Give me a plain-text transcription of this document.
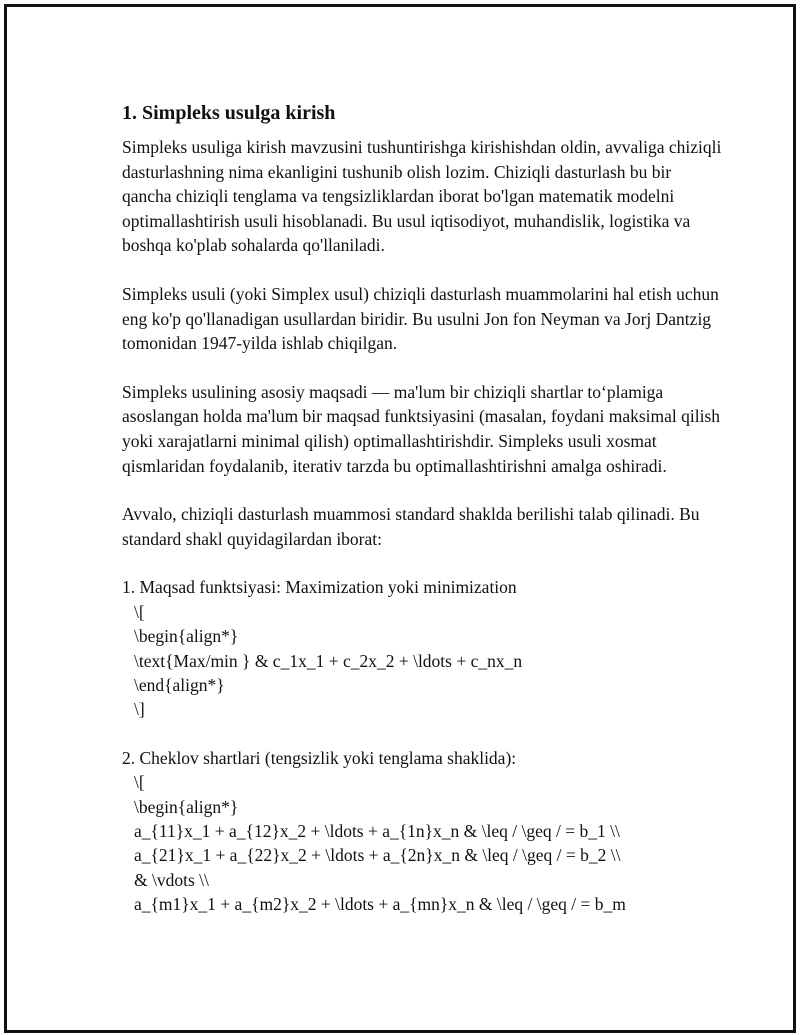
1. Simpleks usulga kirish

Simpleks usuliga kirish mavzusini tushuntirishga kirishishdan oldin, avvaliga chiziqli dasturlashning nima ekanligini tushunib olish lozim. Chiziqli dasturlash bu bir qancha chiziqli tenglama va tengsizliklardan iborat bo'lgan matematik modelni optimallashtirish usuli hisoblanadi. Bu usul iqtisodiyot, muhandislik, logistika va boshqa ko'plab sohalarda qo'llaniladi.

Simpleks usuli (yoki Simplex usul) chiziqli dasturlash muammolarini hal etish uchun eng ko'p qo'llanadigan usullardan biridir. Bu usulni Jon fon Neyman va Jorj Dantzig tomonidan 1947-yilda ishlab chiqilgan.

Simpleks usulining asosiy maqsadi — ma'lum bir chiziqli shartlar to‘plamiga asoslangan holda ma'lum bir maqsad funktsiyasini (masalan, foydani maksimal qilish yoki xarajatlarni minimal qilish) optimallashtirishdir. Simpleks usuli xosmat qismlaridan foydalanib, iterativ tarzda bu optimallashtirishni amalga oshiradi.

Avvalo, chiziqli dasturlash muammosi standard shaklda berilishi talab qilinadi. Bu standard shakl quyidagilardan iborat:

1. Maqsad funktsiyasi: Maximization yoki minimization
\[
\begin{align*}
\text{Max/min } & c_1x_1 + c_2x_2 + \ldots + c_nx_n
\end{align*}
\]
2. Cheklov shartlari (tengsizlik yoki tenglama shaklida):
\[
\begin{align*}
a_{11}x_1 + a_{12}x_2 + \ldots + a_{1n}x_n & \leq / \geq / = b_1 \\
a_{21}x_1 + a_{22}x_2 + \ldots + a_{2n}x_n & \leq / \geq / = b_2 \\
& \vdots \\
a_{m1}x_1 + a_{m2}x_2 + \ldots + a_{mn}x_n & \leq / \geq / = b_m
